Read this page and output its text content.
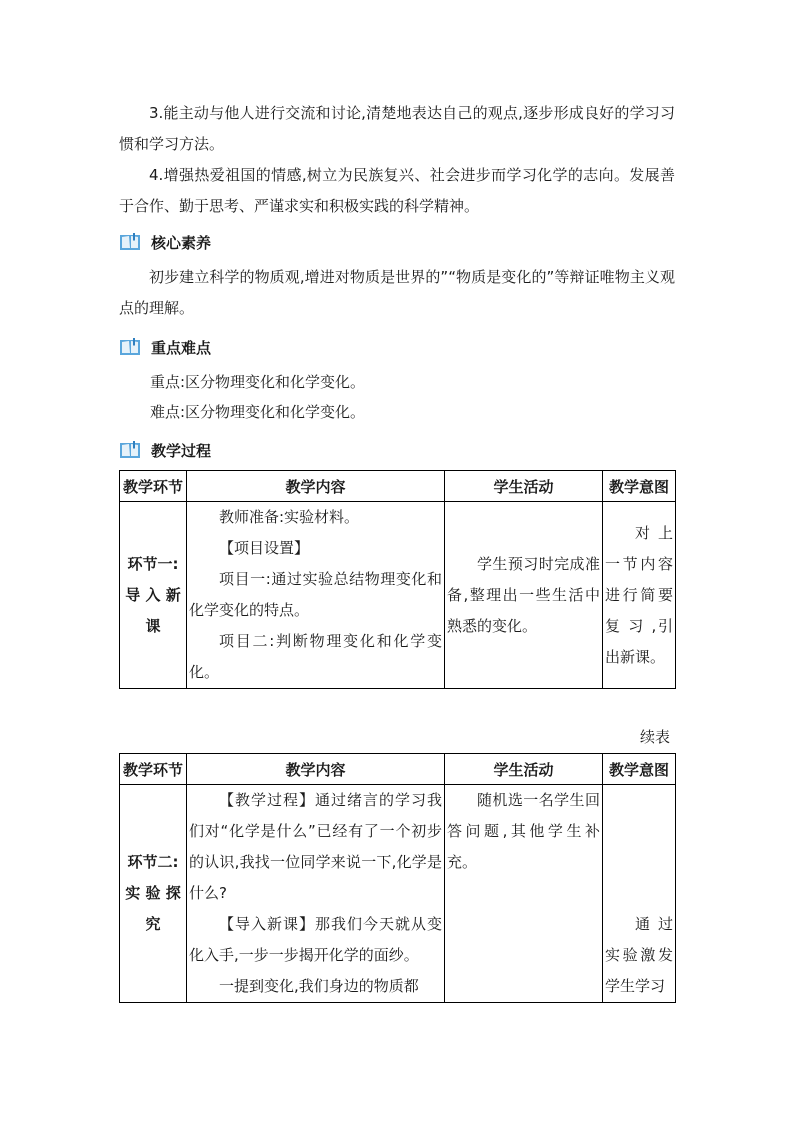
3.能主动与他人进行交流和讨论,清楚地表达自己的观点,逐步形成良好的学习习惯和学习方法。

4.增强热爱祖国的情感,树立为民族复兴、社会进步而学习化学的志向。发展善于合作、勤于思考、严谨求实和积极实践的科学精神。

核心素养

初步建立科学的物质观,增进对物质是世界的”“物质是变化的”等辩证唯物主义观点的理解。

重点难点

重点:区分物理变化和化学变化。

难点:区分物理变化和化学变化。

教学过程
教学环节	教学内容	学生活动	教学意图
环节一:导 入 新课	教师准备:实验材料。

【项目设置】

项目一:通过实验总结物理变化和化学变化的特点。

项目二:判断物理变化和化学变化。	学生预习时完成准备,整理出一些生活中熟悉的变化。	对上一节内容进行简要复 习 ,引出新课。

续表
教学环节	教学内容	学生活动	教学意图
环节二:实 验 探究	【教学过程】通过绪言的学习我们对“化学是什么”已经有了一个初步的认识,我找一位同学来说一下,化学是什么?

【导入新课】那我们今天就从变化入手,一步一步揭开化学的面纱。

一提到变化,我们身边的物质都	随机选一名学生回答问题,其他学生补充。	通过实验激发学生学习
